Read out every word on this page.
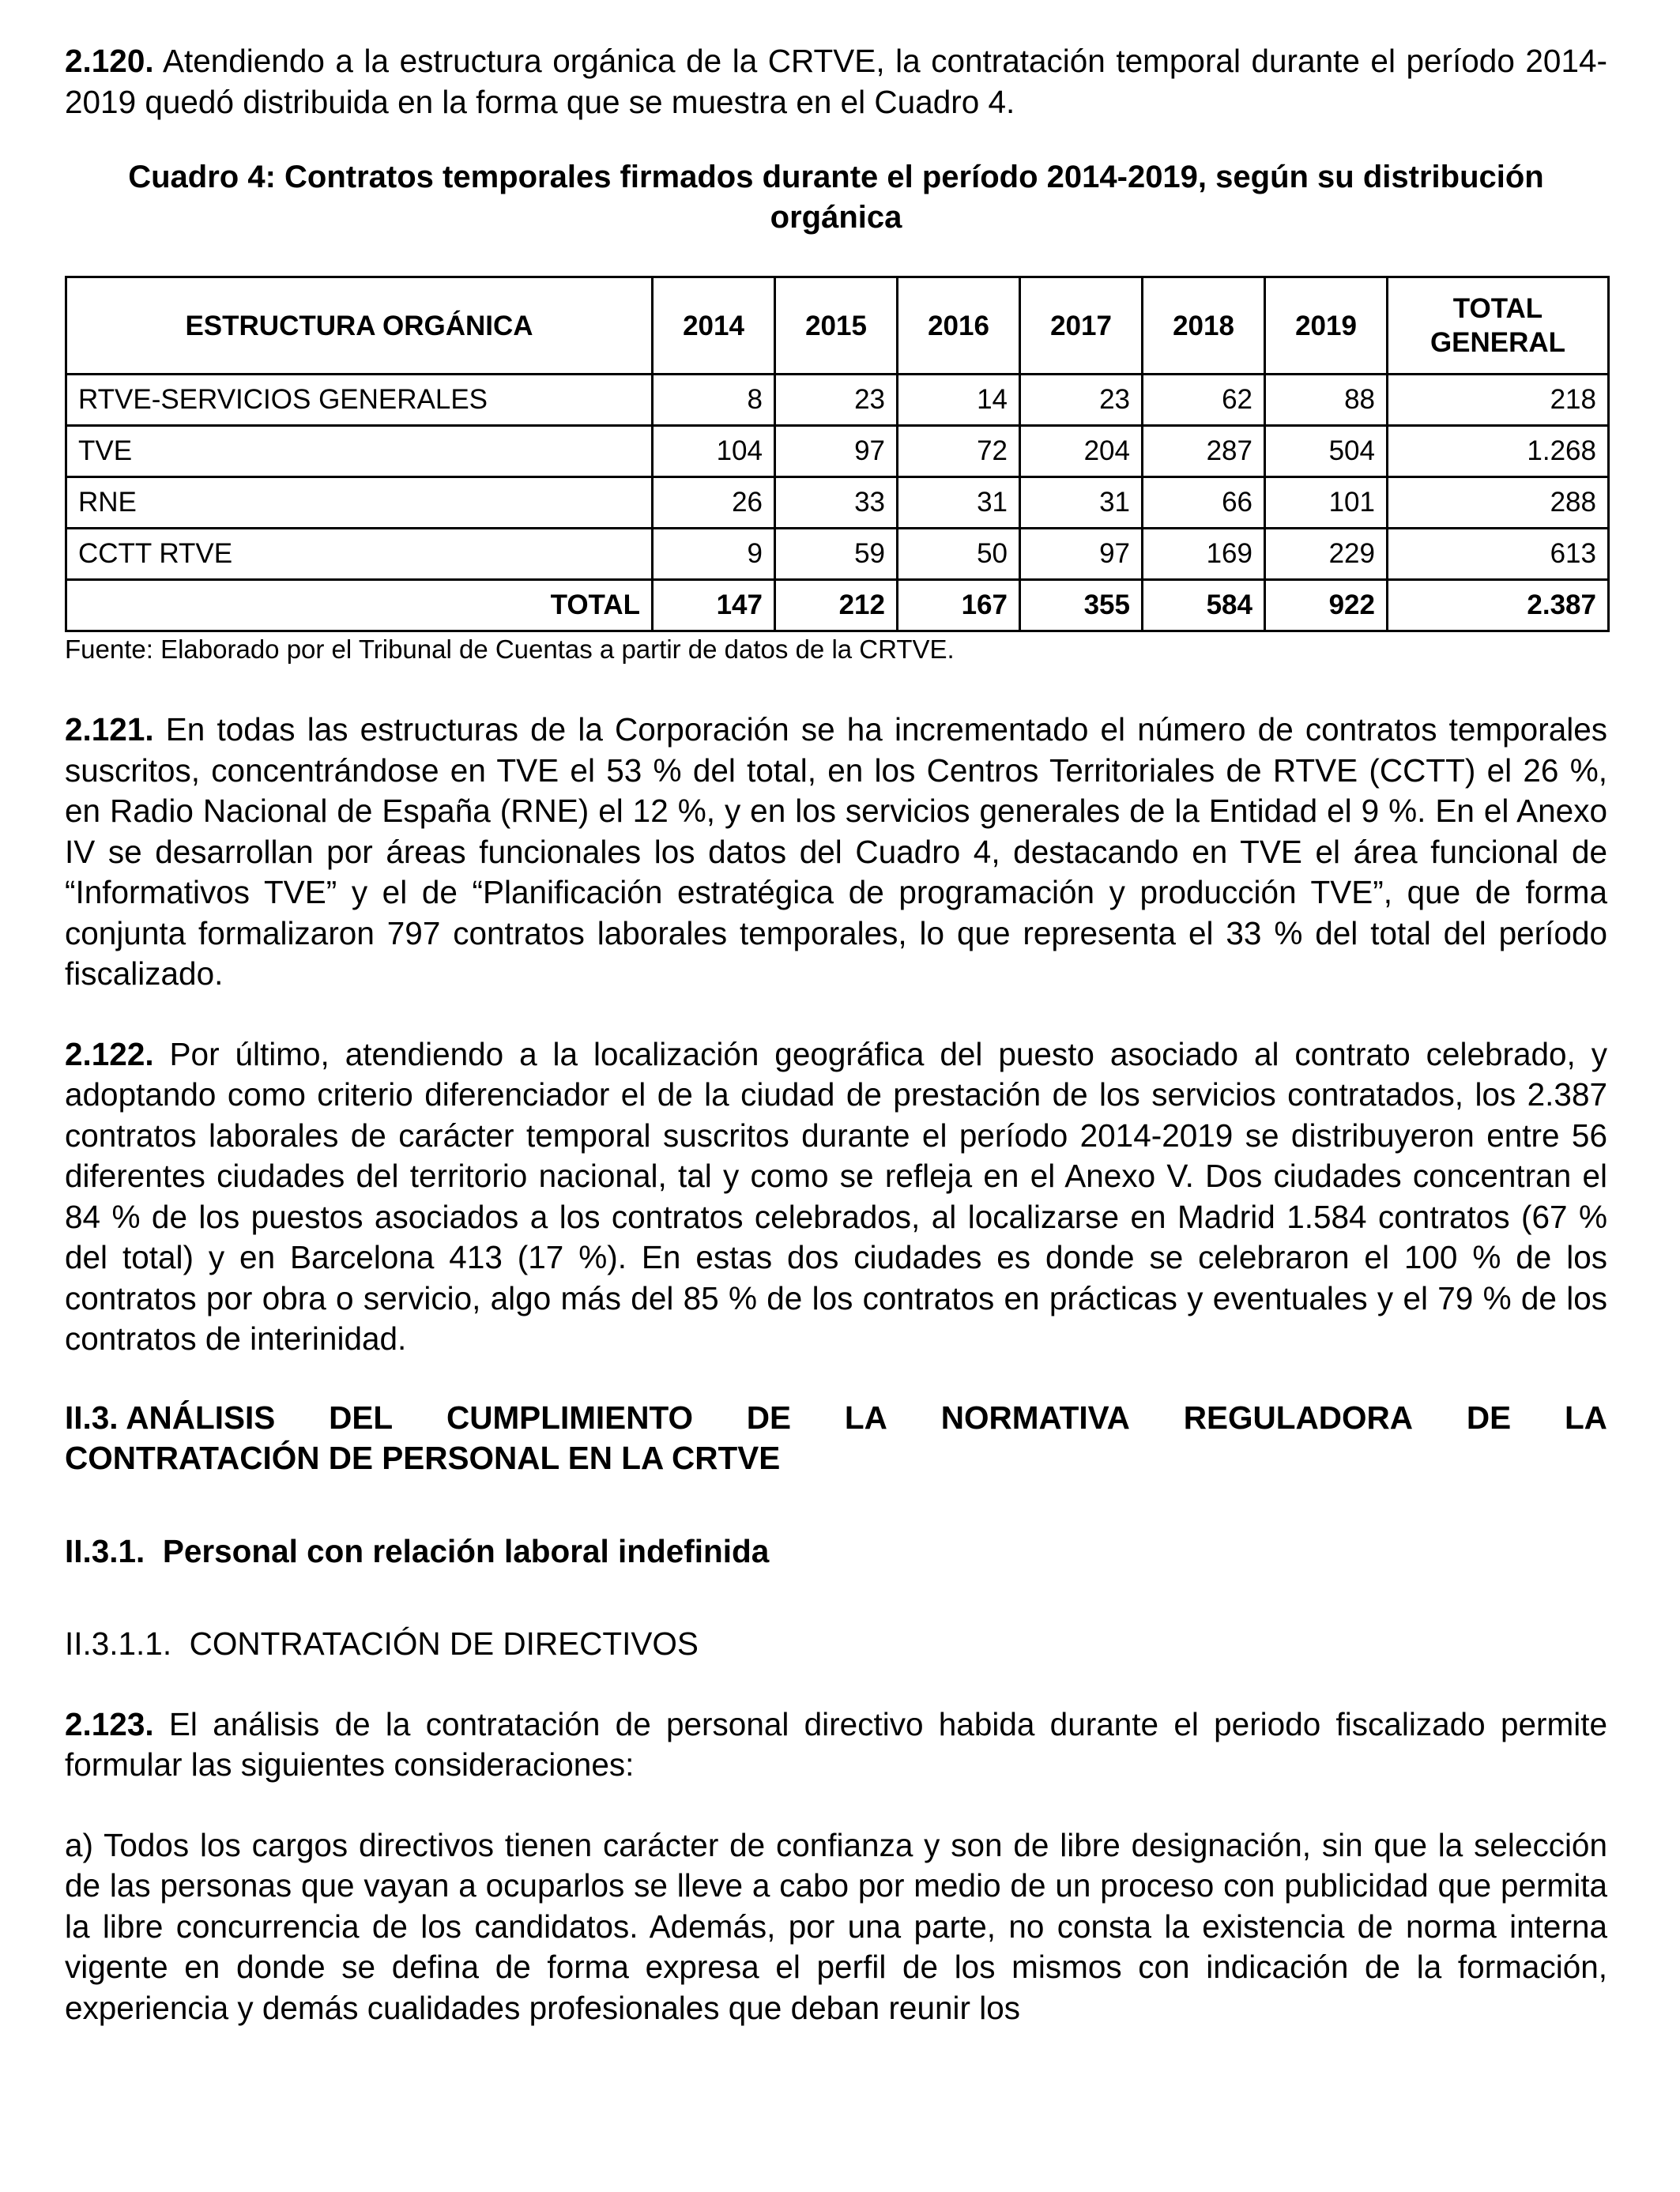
2.120. Atendiendo a la estructura orgánica de la CRTVE, la contratación temporal durante el período 2014-2019 quedó distribuida en la forma que se muestra en el Cuadro 4.

Cuadro 4: Contratos temporales firmados durante el período 2014-2019, según su distribución orgánica
ESTRUCTURA ORGÁNICA	2014	2015	2016	2017	2018	2019	TOTAL
GENERAL
RTVE-SERVICIOS GENERALES	8	23	14	23	62	88	218
TVE	104	97	72	204	287	504	1.268
RNE	26	33	31	31	66	101	288
CCTT RTVE	9	59	50	97	169	229	613
TOTAL	147	212	167	355	584	922	2.387
Fuente: Elaborado por el Tribunal de Cuentas a partir de datos de la CRTVE.

2.121. En todas las estructuras de la Corporación se ha incrementado el número de contratos temporales suscritos, concentrándose en TVE el 53 % del total, en los Centros Territoriales de RTVE (CCTT) el 26 %, en Radio Nacional de España (RNE) el 12 %, y en los servicios generales de la Entidad el 9 %. En el Anexo IV se desarrollan por áreas funcionales los datos del Cuadro 4, destacando en TVE el área funcional de “Informativos TVE” y el de “Planificación estratégica de programación y producción TVE”, que de forma conjunta formalizaron 797 contratos laborales temporales, lo que representa el 33 % del total del período fiscalizado.

2.122. Por último, atendiendo a la localización geográfica del puesto asociado al contrato celebrado, y adoptando como criterio diferenciador el de la ciudad de prestación de los servicios contratados, los 2.387 contratos laborales de carácter temporal suscritos durante el período 2014-2019 se distribuyeron entre 56 diferentes ciudades del territorio nacional, tal y como se refleja en el Anexo V. Dos ciudades concentran el 84 % de los puestos asociados a los contratos celebrados, al localizarse en Madrid 1.584 contratos (67 % del total) y en Barcelona 413 (17 %). En estas dos ciudades es donde se celebraron el 100 % de los contratos por obra o servicio, algo más del 85 % de los contratos en prácticas y eventuales y el 79 % de los contratos de interinidad.

II.3. ANÁLISIS DEL CUMPLIMIENTO DE LA NORMATIVA REGULADORA DE LA
CONTRATACIÓN DE PERSONAL EN LA CRTVE
II.3.1.  Personal con relación laboral indefinida
II.3.1.1.  CONTRATACIÓN DE DIRECTIVOS

2.123. El análisis de la contratación de personal directivo habida durante el periodo fiscalizado permite formular las siguientes consideraciones:

a) Todos los cargos directivos tienen carácter de confianza y son de libre designación, sin que la selección de las personas que vayan a ocuparlos se lleve a cabo por medio de un proceso con publicidad que permita la libre concurrencia de los candidatos. Además, por una parte, no consta la existencia de norma interna vigente en donde se defina de forma expresa el perfil de los mismos con indicación de la formación, experiencia y demás cualidades profesionales que deban reunir los
